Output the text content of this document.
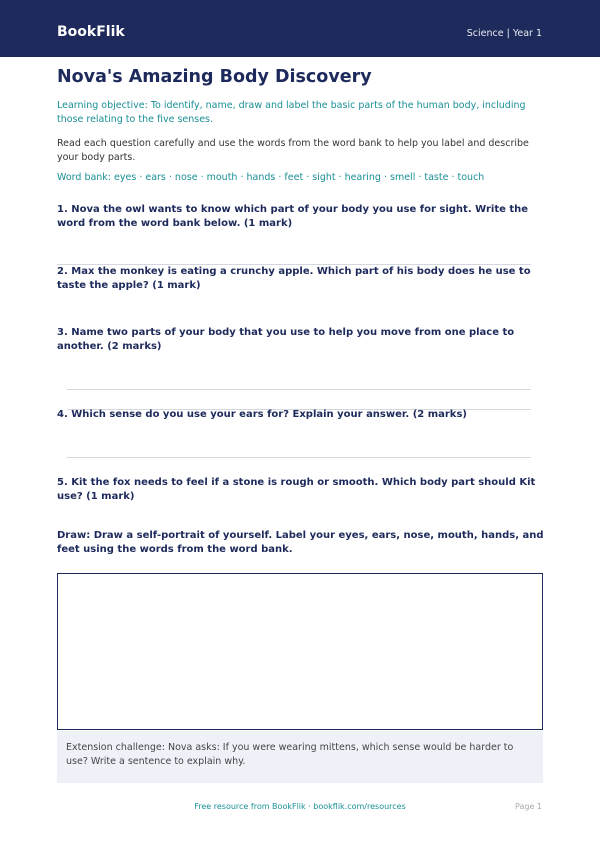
BookFlik	Science | Year 1
Nova's Amazing Body Discovery
Learning objective: To identify, name, draw and label the basic parts of the human body, including those relating to the five senses.
Read each question carefully and use the words from the word bank to help you label and describe your body parts.
Word bank: eyes · ears · nose · mouth · hands · feet · sight · hearing · smell · taste · touch
1. Nova the owl wants to know which part of your body you use for sight. Write the word from the word bank below. (1 mark)
2. Max the monkey is eating a crunchy apple. Which part of his body does he use to taste the apple? (1 mark)
3. Name two parts of your body that you use to help you move from one place to another. (2 marks)
4. Which sense do you use your ears for? Explain your answer. (2 marks)
5. Kit the fox needs to feel if a stone is rough or smooth. Which body part should Kit use? (1 mark)
Draw: Draw a self-portrait of yourself. Label your eyes, ears, nose, mouth, hands, and feet using the words from the word bank.
Extension challenge: Nova asks: If you were wearing mittens, which sense would be harder to use? Write a sentence to explain why.
Free resource from BookFlik · bookflik.com/resources	Page 1
